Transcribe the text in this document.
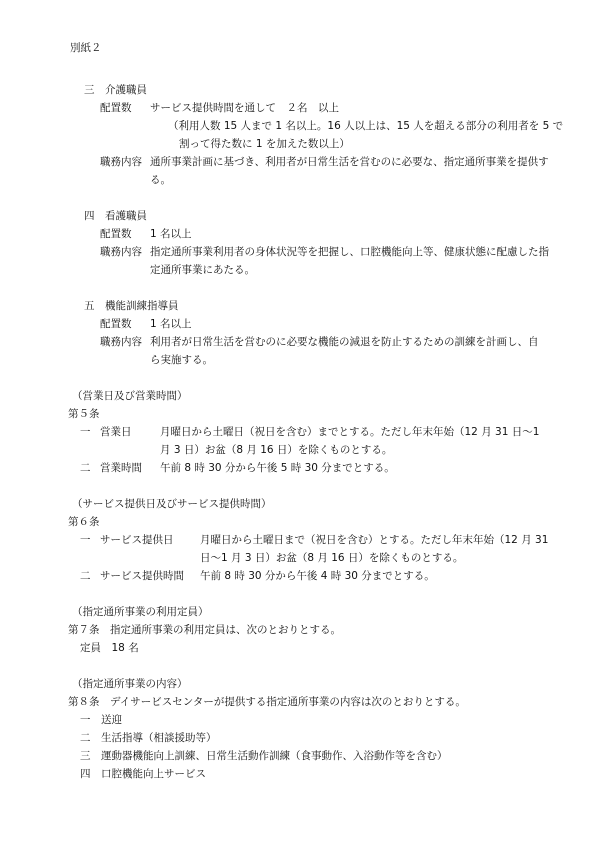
別紙２
三　介護職員
配置数 サービス提供時間を通して　２名　以上
（利用人数 15 人まで 1 名以上。16 人以上は、15 人を超える部分の利用者を 5 で
割って得た数に 1 を加えた数以上）
職務内容 通所事業計画に基づき、利用者が日常生活を営むのに必要な、指定通所事業を提供す
る。
四　看護職員
配置数 1 名以上
職務内容 指定通所事業利用者の身体状況等を把握し、口腔機能向上等、健康状態に配慮した指
定通所事業にあたる。
五　機能訓練指導員
配置数 1 名以上
職務内容 利用者が日常生活を営むのに必要な機能の減退を防止するための訓練を計画し、自
ら実施する。
（営業日及び営業時間）
第５条
一 営業日	月曜日から土曜日（祝日を含む）までとする。ただし年末年始（12 月 31 日～1
月 3 日）お盆（8 月 16 日）を除くものとする。
二 営業時間 午前 8 時 30 分から午後 5 時 30 分までとする。
（サービス提供日及びサービス提供時間）
第６条
一 サービス提供日	月曜日から土曜日まで（祝日を含む）とする。ただし年末年始（12 月 31
日～1 月 3 日）お盆（8 月 16 日）を除くものとする。
二 サービス提供時間 午前 8 時 30 分から午後 4 時 30 分までとする。
（指定通所事業の利用定員）
第７条　指定通所事業の利用定員は、次のとおりとする。
定員　18 名
（指定通所事業の内容）
第８条　デイサービスセンターが提供する指定通所事業の内容は次のとおりとする。
一　送迎
二　生活指導（相談援助等）
三　運動器機能向上訓練、日常生活動作訓練（食事動作、入浴動作等を含む）
四　口腔機能向上サービス
